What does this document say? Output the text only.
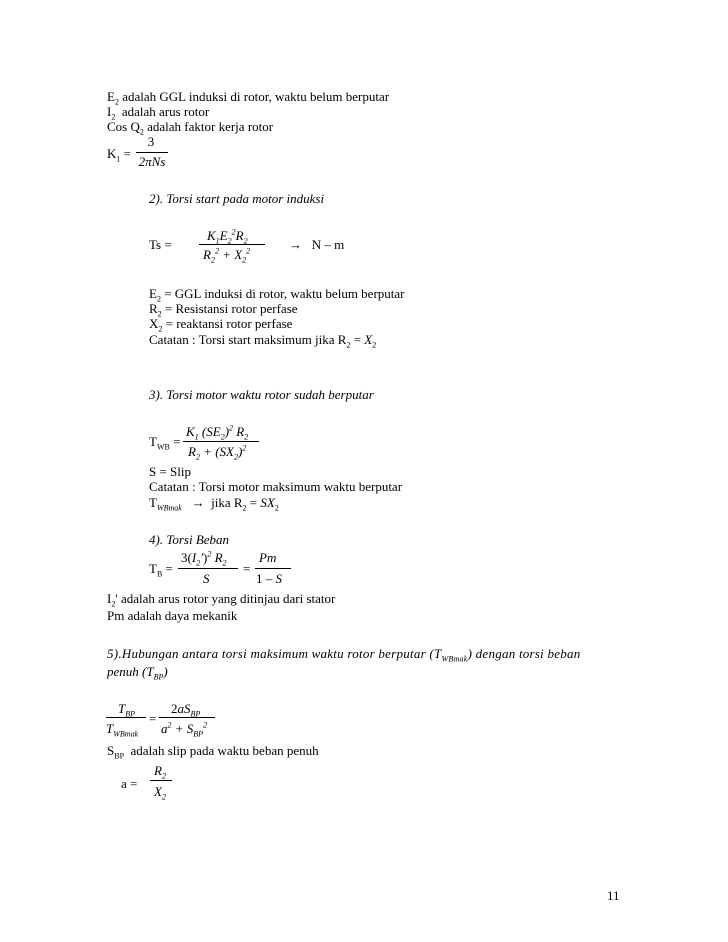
$E_2$ adalah GGL induksi di rotor, waktu belum berputar
$I_2$ adalah arus rotor
Cos $Q_2$ adalah faktor kerja rotor
$K_1$ =
3
2πNs
2). Torsi start pada motor induksi
Ts =
$K_1E_2^2R_2$
$R_2^2 + X_2^2$	→   N – m
$E_2$ = GGL induksi di rotor, waktu belum berputar
$R_2$ = Resistansi rotor perfase
$X_2$ = reaktansi rotor perfase
Catatan : Torsi start maksimum jika $R_2 = X_2$
3). Torsi motor waktu rotor sudah berputar
$T_{WB}$ =
$K_1$ $(SE_2)^2$ $R_2$
$R_2 + (SX_2)^2$
S = Slip
Catatan : Torsi motor maksimum waktu berputar
$T_{WBmak}$   →  jika $R_2 = SX_2$
4). Torsi Beban
$T_B$ =
$3(I_2')^2$ $R_2$
S
=
Pm
1 – S
$I_2'$ adalah arus rotor yang ditinjau dari stator
Pm adalah daya mekanik
5).Hubungan antara torsi maksimum waktu rotor berputar $(T_{WBmak})$ dengan torsi beban
penuh $(T_{BP})$
$T_{BP}$
$T_{WBmak}$
=
$2aS_{BP}$
$a^2 + S_{BP}^2$
$S_{BP}$ adalah slip pada waktu beban penuh
a =
$R_2$
$X_2$
11
